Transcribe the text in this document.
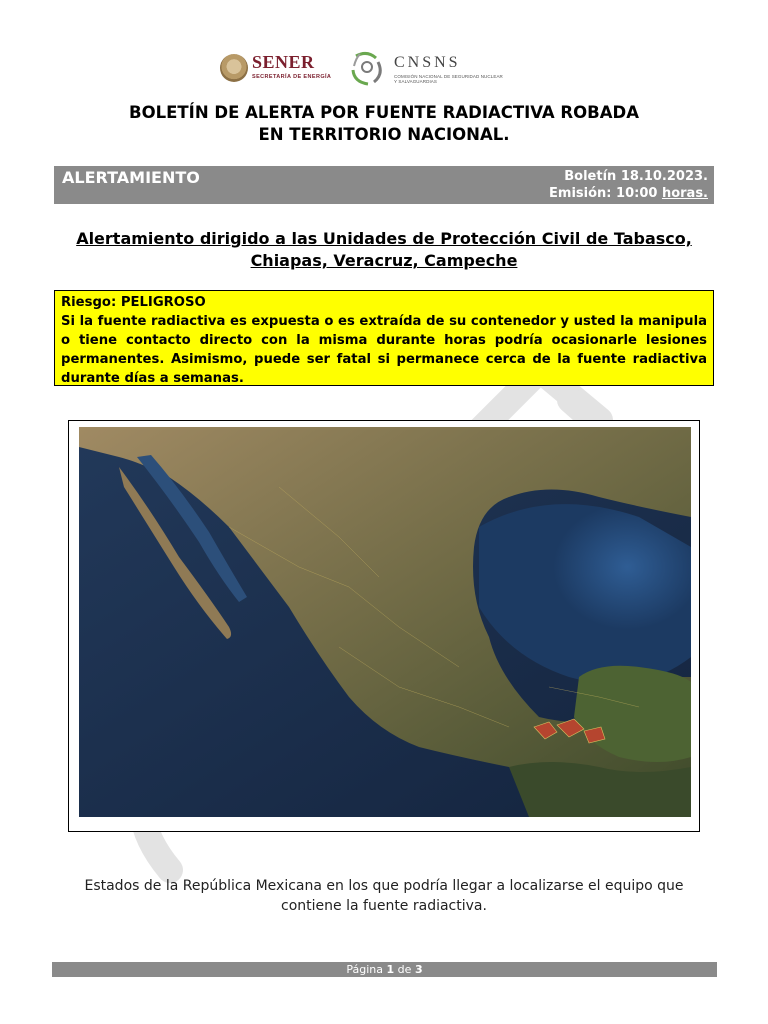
SENER
SECRETARÍA DE ENERGÍA
CNSNS
COMISIÓN NACIONAL DE SEGURIDAD NUCLEAR Y SALVAGUARDIAS
BOLETÍN DE ALERTA POR FUENTE RADIACTIVA ROBADA
EN TERRITORIO NACIONAL.
ALERTAMIENTO	Boletín 18.10.2023.
Emisión: 10:00 horas.
Alertamiento dirigido a las Unidades de Protección Civil de Tabasco,
Chiapas, Veracruz, Campeche
Riesgo: PELIGROSO
Si la fuente radiactiva es expuesta o es extraída de su contenedor y usted la manipula o tiene contacto directo con la misma durante horas podría ocasionarle lesiones permanentes. Asimismo, puede ser fatal si permanece cerca de la fuente radiactiva durante días a semanas.
Estados de la República Mexicana en los que podría llegar a localizarse el equipo que
contiene la fuente radiactiva.
Página 1 de 3
